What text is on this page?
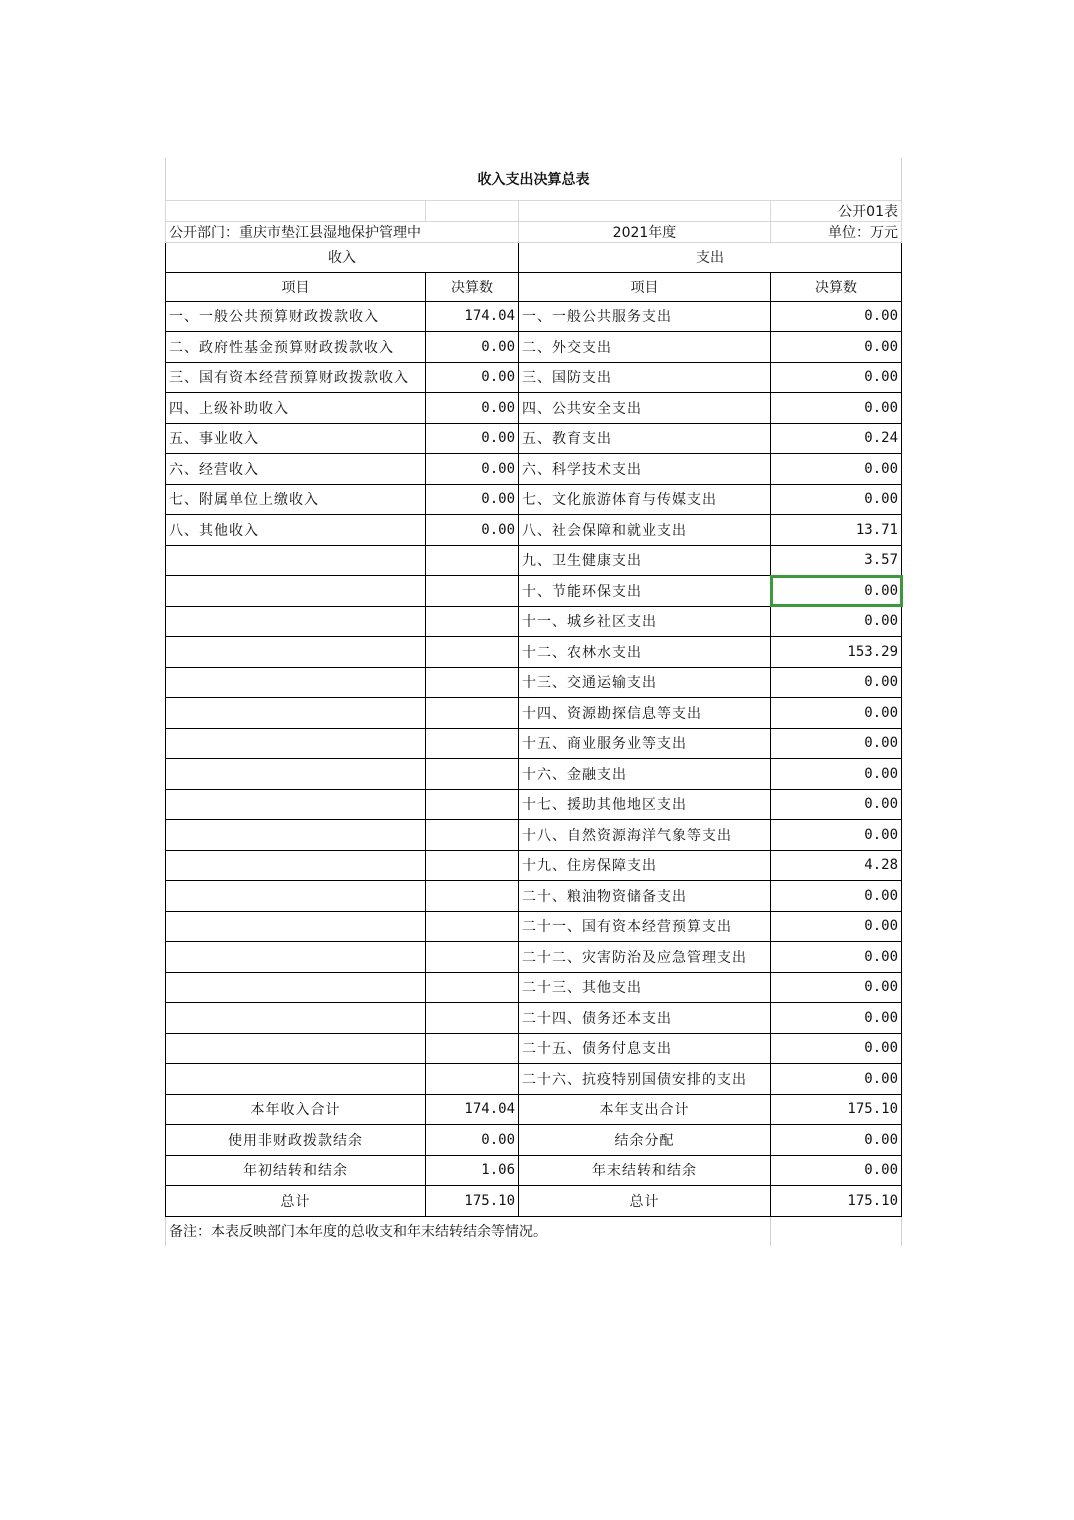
收入支出决算总表			
			公开01表
公开部门：重庆市垫江县湿地保护管理中		2021年度	单位：万元
收入		支出	
项目	决算数	项目	决算数
一、一般公共预算财政拨款收入	174.04	一、一般公共服务支出	0.00
二、政府性基金预算财政拨款收入	0.00	二、外交支出	0.00
三、国有资本经营预算财政拨款收入	0.00	三、国防支出	0.00
四、上级补助收入	0.00	四、公共安全支出	0.00
五、事业收入	0.00	五、教育支出	0.24
六、经营收入	0.00	六、科学技术支出	0.00
七、附属单位上缴收入	0.00	七、文化旅游体育与传媒支出	0.00
八、其他收入	0.00	八、社会保障和就业支出	13.71
		九、卫生健康支出	3.57
		十、节能环保支出	0.00
		十一、城乡社区支出	0.00
		十二、农林水支出	153.29
		十三、交通运输支出	0.00
		十四、资源勘探信息等支出	0.00
		十五、商业服务业等支出	0.00
		十六、金融支出	0.00
		十七、援助其他地区支出	0.00
		十八、自然资源海洋气象等支出	0.00
		十九、住房保障支出	4.28
		二十、粮油物资储备支出	0.00
		二十一、国有资本经营预算支出	0.00
		二十二、灾害防治及应急管理支出	0.00
		二十三、其他支出	0.00
		二十四、债务还本支出	0.00
		二十五、债务付息支出	0.00
		二十六、抗疫特别国债安排的支出	0.00
本年收入合计	174.04	本年支出合计	175.10
使用非财政拨款结余	0.00	结余分配	0.00
年初结转和结余	1.06	年末结转和结余	0.00
总计	175.10	总计	175.10
备注：本表反映部门本年度的总收支和年末结转结余等情况。			
